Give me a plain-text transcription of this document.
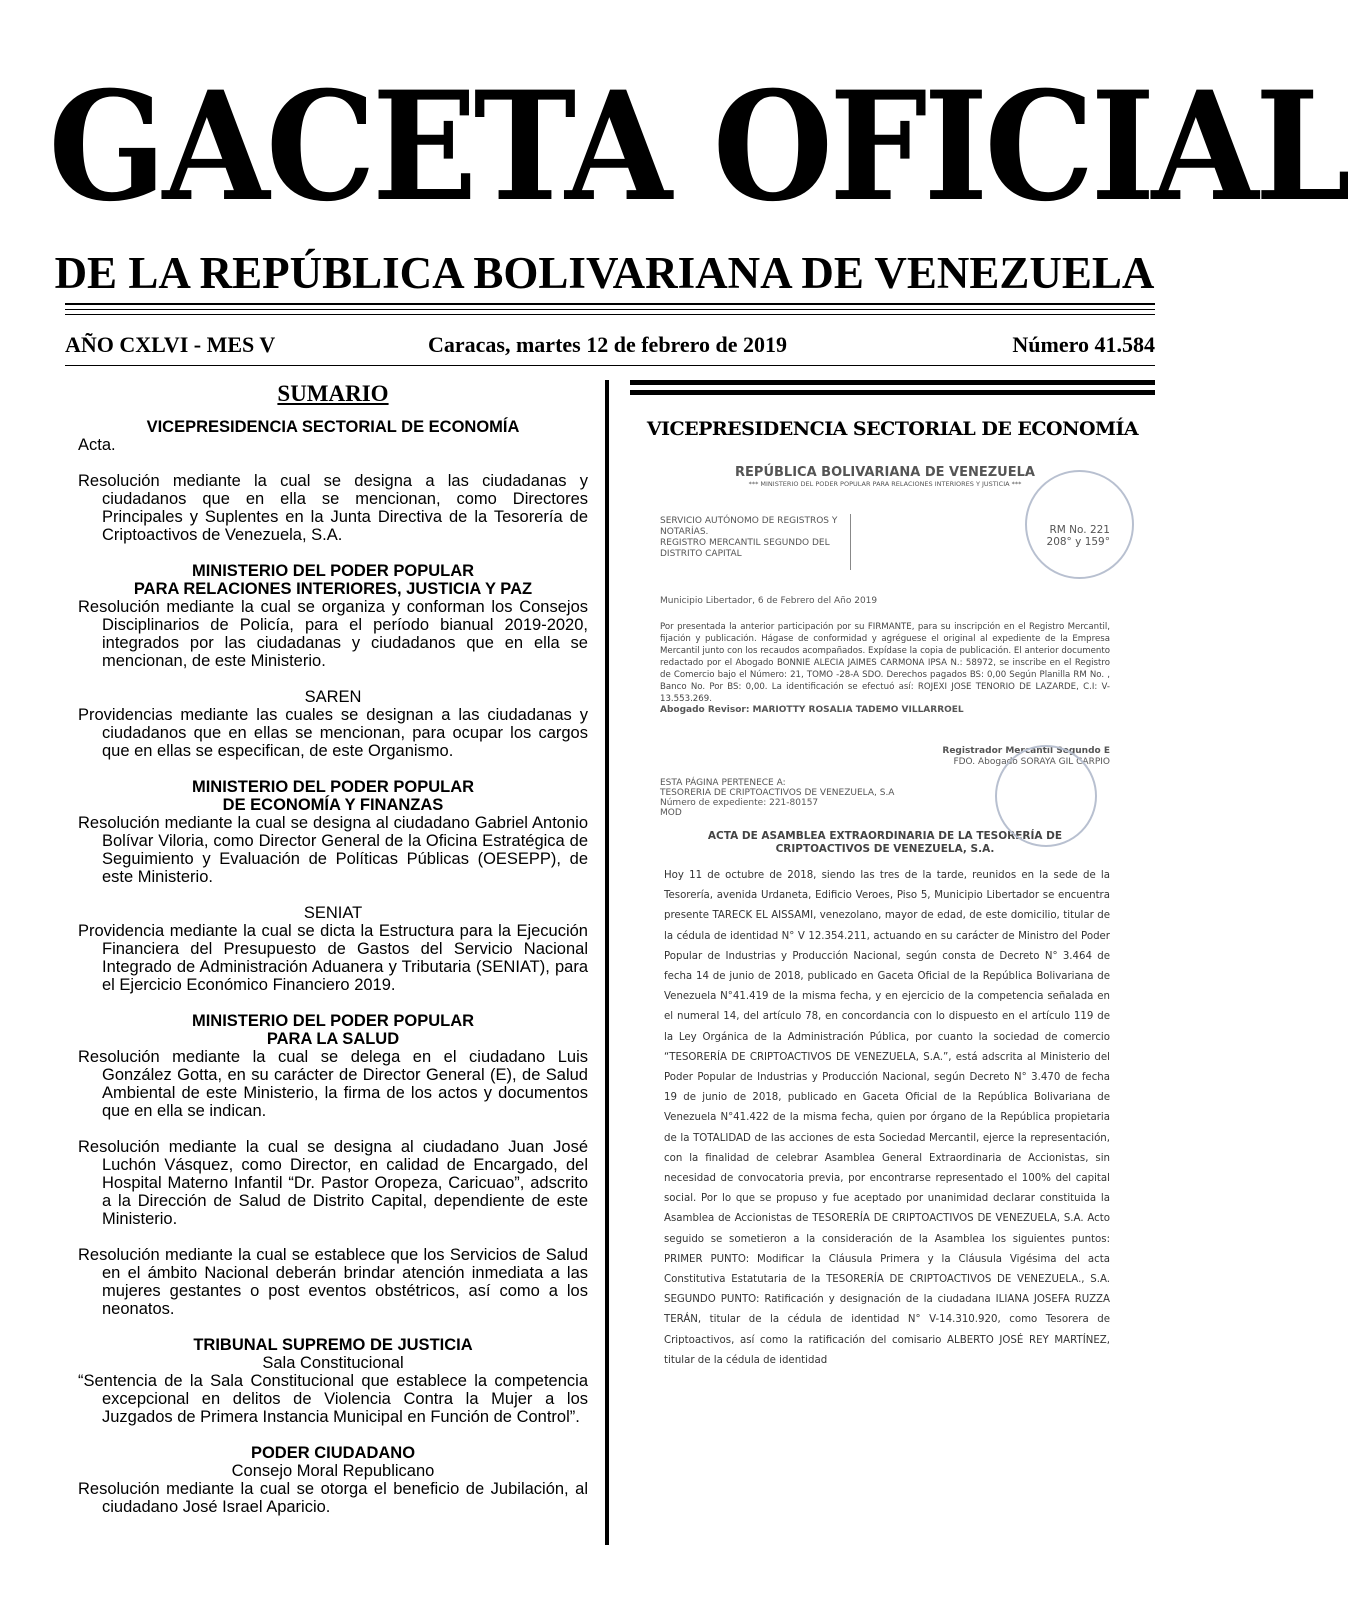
GACETA OFICIAL
DE LA REPÚBLICA BOLIVARIANA DE VENEZUELA
AÑO CXLVI - MES V	Caracas, martes 12 de febrero de 2019	Número 41.584
SUMARIO
VICEPRESIDENCIA SECTORIAL DE ECONOMÍA
Acta.
Resolución mediante la cual se designa a las ciudadanas y ciudadanos que en ella se mencionan, como Directores Principales y Suplentes en la Junta Directiva de la Tesorería de Criptoactivos de Venezuela, S.A.
MINISTERIO DEL PODER POPULAR
PARA RELACIONES INTERIORES, JUSTICIA Y PAZ
Resolución mediante la cual se organiza y conforman los Consejos Disciplinarios de Policía, para el período bianual 2019-2020, integrados por las ciudadanas y ciudadanos que en ella se mencionan, de este Ministerio.
SAREN
Providencias mediante las cuales se designan a las ciudadanas y ciudadanos que en ellas se mencionan, para ocupar los cargos que en ellas se especifican, de este Organismo.
MINISTERIO DEL PODER POPULAR
DE ECONOMÍA Y FINANZAS
Resolución mediante la cual se designa al ciudadano Gabriel Antonio Bolívar Viloria, como Director General de la Oficina Estratégica de Seguimiento y Evaluación de Políticas Públicas (OESEPP), de este Ministerio.
SENIAT
Providencia mediante la cual se dicta la Estructura para la Ejecución Financiera del Presupuesto de Gastos del Servicio Nacional Integrado de Administración Aduanera y Tributaria (SENIAT), para el Ejercicio Económico Financiero 2019.
MINISTERIO DEL PODER POPULAR
PARA LA SALUD
Resolución mediante la cual se delega en el ciudadano Luis González Gotta, en su carácter de Director General (E), de Salud Ambiental de este Ministerio, la firma de los actos y documentos que en ella se indican.
Resolución mediante la cual se designa al ciudadano Juan José Luchón Vásquez, como Director, en calidad de Encargado, del Hospital Materno Infantil “Dr. Pastor Oropeza, Caricuao”, adscrito a la Dirección de Salud de Distrito Capital, dependiente de este Ministerio.
Resolución mediante la cual se establece que los Servicios de Salud en el ámbito Nacional deberán brindar atención inmediata a las mujeres gestantes o post eventos obstétricos, así como a los neonatos.
TRIBUNAL SUPREMO DE JUSTICIA
Sala Constitucional
“Sentencia de la Sala Constitucional que establece la competencia excepcional en delitos de Violencia Contra la Mujer a los Juzgados de Primera Instancia Municipal en Función de Control”.
PODER CIUDADANO
Consejo Moral Republicano
Resolución mediante la cual se otorga el beneficio de Jubilación, al ciudadano José Israel Aparicio.
VICEPRESIDENCIA SECTORIAL DE ECONOMÍA
REPÚBLICA BOLIVARIANA DE VENEZUELA
*** MINISTERIO DEL PODER POPULAR PARA RELACIONES INTERIORES Y JUSTICIA ***
SERVICIO AUTÓNOMO DE REGISTROS Y
NOTARÍAS.
REGISTRO MERCANTIL SEGUNDO DEL
DISTRITO CAPITAL
RM No. 221
208° y 159°
Municipio Libertador, 6 de Febrero del Año 2019
Por presentada la anterior participación por su FIRMANTE, para su inscripción en el Registro Mercantil, fijación y publicación. Hágase de conformidad y agréguese el original al expediente de la Empresa Mercantil junto con los recaudos acompañados. Expídase la copia de publicación. El anterior documento redactado por el Abogado BONNIE ALECIA JAIMES CARMONA IPSA N.: 58972, se inscribe en el Registro de Comercio bajo el Número: 21, TOMO -28-A SDO. Derechos pagados BS: 0,00 Según Planilla RM No. , Banco No. Por BS: 0,00. La identificación se efectuó así: ROJEXI JOSE TENORIO DE LAZARDE, C.I: V-13.553.269.
Abogado Revisor: MARIOTTY ROSALIA TADEMO VILLARROEL
Registrador Mercantil Segundo E
FDO. Abogado SORAYA GIL CARPIO
ESTA PÁGINA PERTENECE A:
TESORERIA DE CRIPTOACTIVOS DE VENEZUELA, S.A
Número de expediente: 221-80157
MOD
ACTA DE ASAMBLEA EXTRAORDINARIA DE LA TESORERÍA DE
CRIPTOACTIVOS DE VENEZUELA, S.A.
Hoy 11 de octubre de 2018, siendo las tres de la tarde, reunidos en la sede de la Tesorería, avenida Urdaneta, Edificio Veroes, Piso 5, Municipio Libertador se encuentra presente TARECK EL AISSAMI, venezolano, mayor de edad, de este domicilio, titular de la cédula de identidad N° V 12.354.211, actuando en su carácter de Ministro del Poder Popular de Industrias y Producción Nacional, según consta de Decreto N° 3.464 de fecha 14 de junio de 2018, publicado en Gaceta Oficial de la República Bolivariana de Venezuela N°41.419 de la misma fecha, y en ejercicio de la competencia señalada en el numeral 14, del artículo 78, en concordancia con lo dispuesto en el artículo 119 de la Ley Orgánica de la Administración Pública, por cuanto la sociedad de comercio “TESORERÍA DE CRIPTOACTIVOS DE VENEZUELA, S.A.”, está adscrita al Ministerio del Poder Popular de Industrias y Producción Nacional, según Decreto N° 3.470 de fecha 19 de junio de 2018, publicado en Gaceta Oficial de la República Bolivariana de Venezuela N°41.422 de la misma fecha, quien por órgano de la República propietaria de la TOTALIDAD de las acciones de esta Sociedad Mercantil, ejerce la representación, con la finalidad de celebrar Asamblea General Extraordinaria de Accionistas, sin necesidad de convocatoria previa, por encontrarse representado el 100% del capital social. Por lo que se propuso y fue aceptado por unanimidad declarar constituida la Asamblea de Accionistas de TESORERÍA DE CRIPTOACTIVOS DE VENEZUELA, S.A. Acto seguido se sometieron a la consideración de la Asamblea los siguientes puntos: PRIMER PUNTO: Modificar la Cláusula Primera y la Cláusula Vigésima del acta Constitutiva Estatutaria de la TESORERÍA DE CRIPTOACTIVOS DE VENEZUELA., S.A. SEGUNDO PUNTO: Ratificación y designación de la ciudadana ILIANA JOSEFA RUZZA TERÁN, titular de la cédula de identidad N° V-14.310.920, como Tesorera de Criptoactivos, así como la ratificación del comisario ALBERTO JOSÉ REY MARTÍNEZ, titular de la cédula de identidad
